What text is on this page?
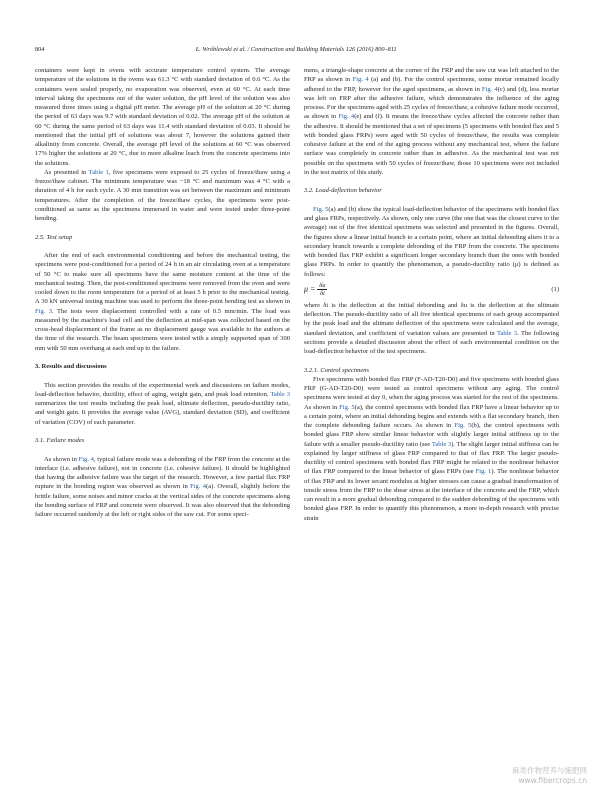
804	Ł. Wróblewski et al. / Construction and Building Materials 126 (2016) 800–811

containers were kept in ovens with accurate temperature control system. The average temperature of the solutions in the ovens was 61.3 °C with standard deviation of 0.6 °C. As the containers were sealed properly, no evaporation was observed, even at 60 °C. At each time interval taking the specimens out of the water solution, the pH level of the solution was also measured three times using a digital pH meter. The average pH of the solution at 20 °C during the period of 63 days was 9.7 with standard deviation of 0.02. The average pH of the solution at 60 °C during the same period of 63 days was 11.4 with standard deviation of 0.03. It should be mentioned that the initial pH of solutions was about 7, however the solutions gained their alkalinity from concrete. Overall, the average pH level of the solutions at 60 °C was observed 17% higher the solutions at 20 °C, due to more alkaline leach from the concrete specimens into the solutions.

As presented in Table 1, five specimens were exposed to 25 cycles of freeze/thaw using a freeze/thaw cabinet. The minimum temperature was −18 °C and maximum was 4 °C with a duration of 4 h for each cycle. A 30 min transition was set between the maximum and minimum temperatures. After the completion of the freeze/thaw cycles, the specimens were post-conditioned as same as the specimens immersed in water and were tested under three-point bending.

2.5. Test setup

After the end of each environmental conditioning and before the mechanical testing, the specimens were post-conditioned for a period of 24 h in an air circulating oven at a temperature of 50 °C to make sure all specimens have the same moisture content at the time of the mechanical testing. Then, the post-conditioned specimens were removed from the oven and were cooled down to the room temperature for a period of at least 5 h prior to the mechanical testing. A 30 kN universal testing machine was used to perform the three-point bending test as shown in Fig. 3. The tests were displacement controlled with a rate of 0.5 mm/min. The load was measured by the machine's load cell and the deflection at mid-span was collected based on the cross-head displacement of the frame as no displacement gauge was available to the authors at the time of the research. The beam specimens were tested with a simply supported span of 300 mm with 50 mm overhang at each end up to the failure.

3. Results and discussions

This section provides the results of the experimental work and discussions on failure modes, load-deflection behavior, ductility, effect of aging, weight gain, and peak load retention. Table 3 summarizes the test results including the peak load, ultimate deflection, pseudo-ductility ratio, and weight gain. It provides the average value (AVG), standard deviation (SD), and coefficient of variation (COV) of each parameter.

3.1. Failure modes

As shown in Fig. 4, typical failure mode was a debonding of the FRP from the concrete at the interface (i.e. adhesive failure), not in concrete (i.e. cohesive failure). It should be highlighted that having the adhesive failure was the target of the research. However, a few partial flax FRP rupture in the bonding region was observed as shown in Fig. 4(a). Overall, slightly before the brittle failure, some noises and minor cracks at the vertical sides of the concrete specimens along the bonding surface of FRP and concrete were observed. It was also observed that the debonding failure occurred randomly at the left or right sides of the saw cut. For some speci-

mens, a triangle-shape concrete at the corner of the FRP and the saw cut was left attached to the FRP as shown in Fig. 4 (a) and (b). For the control specimens, some mortar remained locally adhered to the FRP, however for the aged specimens, as shown in Fig. 4(c) and (d), less mortar was left on FRP after the adhesive failure, which demonstrates the influence of the aging process. For the specimens aged with 25 cycles of freeze/thaw, a cohesive failure mode occurred, as shown in Fig. 4(e) and (f). It means the freeze/thaw cycles affected the concrete rather than the adhesive. It should be mentioned that a set of specimens (5 specimens with bonded flax and 5 with bonded glass FRPs) were aged with 50 cycles of freeze/thaw, the results was complete cohesive failure at the end of the aging process without any mechanical test, where the failure surface was completely in concrete rather than in adhesive. As the mechanical test was not possible on the specimens with 50 cycles of freeze/thaw, those 10 specimens were not included in the test matrix of this study.

3.2. Load-deflection behavior

Fig. 5(a) and (b) show the typical load-deflection behavior of the specimens with bonded flax and glass FRPs, respectively. As shown, only one curve (the one that was the closest curve to the average) out of the five identical specimens was selected and presented in the figures. Overall, the figures show a linear initial branch to a certain point, where an initial debonding alters it to a secondary branch towards a complete debonding of the FRP from the concrete. The specimens with bonded flax FRP exhibit a significant longer secondary branch than the ones with bonded glass FRPs. In order to quantify the phenomenon, a pseudo-ductility ratio (μ) is defined as follows:

$\mu = \frac{\delta u}{\delta i}$	(1)

where δi is the deflection at the initial debonding and δu is the deflection at the ultimate deflection. The pseudo-ductility ratio of all five identical specimens of each group accompanied by the peak load and the ultimate deflection of the specimens were calculated and the average, standard deviation, and coefficient of variation values are presented in Table 3. The following sections provide a detailed discussion about the effect of each environmental condition on the load-deflection behavior of the test specimens.

3.2.1. Control specimens

Five specimens with bonded flax FRP (F-AD-T20-D0) and five specimens with bonded glass FRP (G-AD-T20-D0) were tested as control specimens without any aging. The control specimens were tested at day 0, when the aging process was started for the rest of the specimens. As shown in Fig. 5(a), the control specimens with bonded flax FRP have a linear behavior up to a certain point, where an initial debonding begins and extends with a flat secondary branch, then the complete debonding failure occurs. As shown in Fig. 5(b), the control specimens with bonded glass FRP show similar linear behavior with slightly larger initial stiffness up to the failure with a smaller pseudo-ductility ratio (see Table 3). The slight larger initial stiffness can be explained by larger stiffness of glass FRP compared to that of flax FRP. The larger pseudo-ductility of control specimens with bonded flax FRP might be related to the nonlinear behavior of flax FRP compared to the linear behavior of glass FRPs (see Fig. 1). The nonlinear behavior of flax FRP and its lower secant modulus at higher stresses can cause a gradual transformation of tensile stress from the FRP to the shear stress at the interface of the concrete and the FRP, which can result in a more gradual debonding compared to the sudden debonding of the specimens with bonded glass FRP. In order to quantify this phenomenon, a more in-depth research with precise strain

麻类作物营养与施肥网
www.fibercrops.cn
